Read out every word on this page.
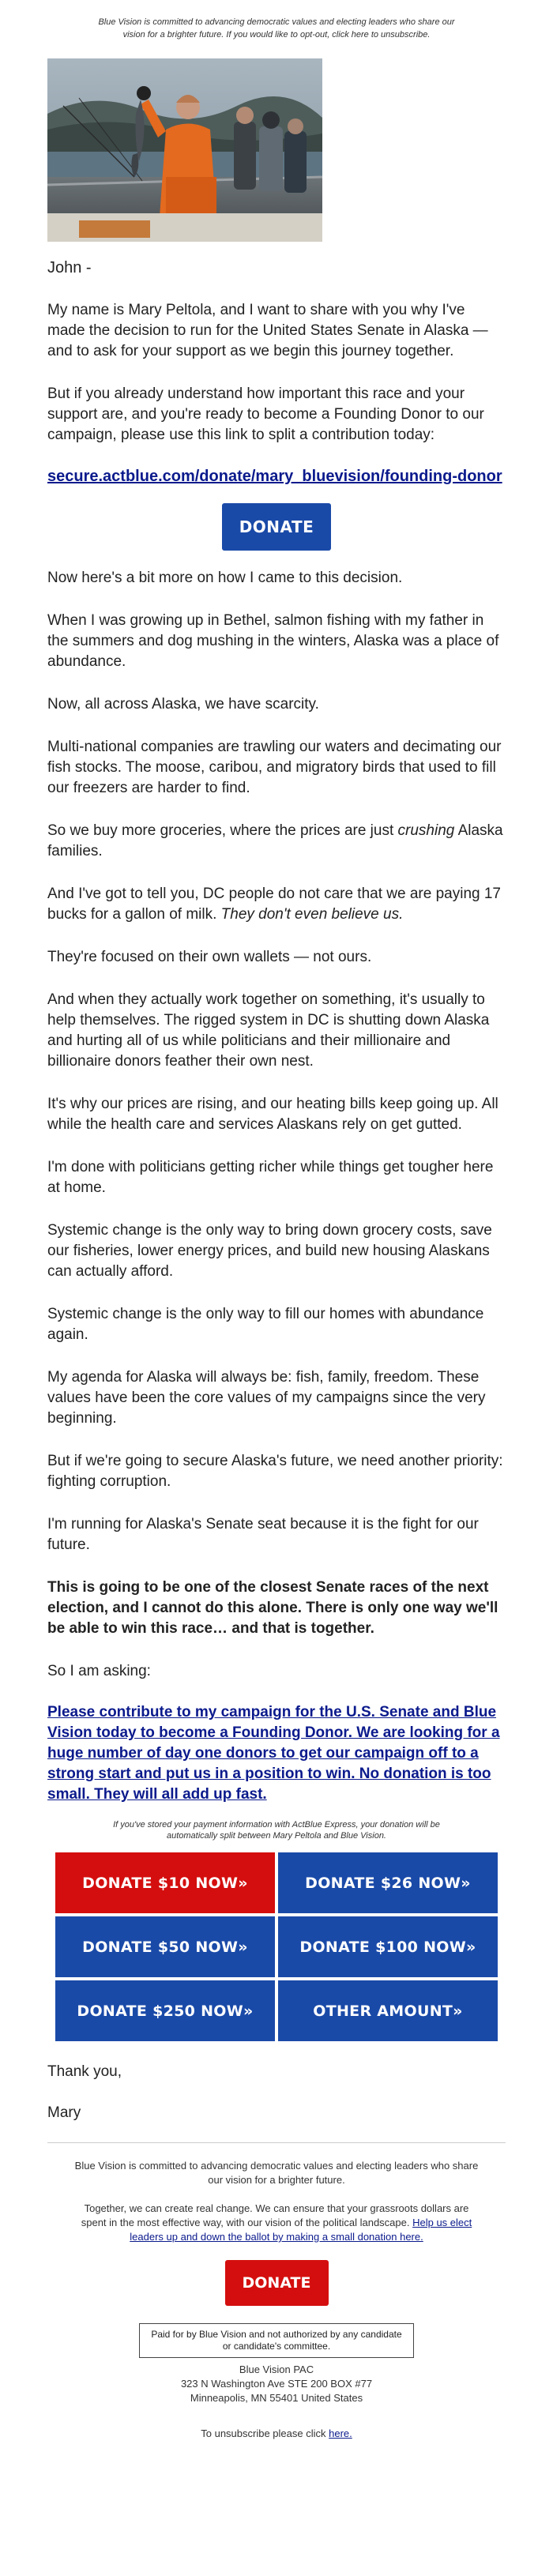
Blue Vision is committed to advancing democratic values and electing leaders who share our vision for a brighter future. If you would like to opt-out, click here to unsubscribe.

John -

My name is Mary Peltola, and I want to share with you why I've made the decision to run for the United States Senate in Alaska — and to ask for your support as we begin this journey together.

But if you already understand how important this race and your support are, and you're ready to become a Founding Donor to our campaign, please use this link to split a contribution today:

secure.actblue.com/donate/mary_bluevision/founding-donor
DONATE

Now here's a bit more on how I came to this decision.

When I was growing up in Bethel, salmon fishing with my father in the summers and dog mushing in the winters, Alaska was a place of abundance.

Now, all across Alaska, we have scarcity.

Multi-national companies are trawling our waters and decimating our fish stocks. The moose, caribou, and migratory birds that used to fill our freezers are harder to find.

So we buy more groceries, where the prices are just crushing Alaska families.

And I've got to tell you, DC people do not care that we are paying 17 bucks for a gallon of milk. They don't even believe us.

They're focused on their own wallets — not ours.

And when they actually work together on something, it's usually to help themselves. The rigged system in DC is shutting down Alaska and hurting all of us while politicians and their millionaire and billionaire donors feather their own nest.

It's why our prices are rising, and our heating bills keep going up. All while the health care and services Alaskans rely on get gutted.

I'm done with politicians getting richer while things get tougher here at home.

Systemic change is the only way to bring down grocery costs, save our fisheries, lower energy prices, and build new housing Alaskans can actually afford.

Systemic change is the only way to fill our homes with abundance again.

My agenda for Alaska will always be: fish, family, freedom. These values have been the core values of my campaigns since the very beginning.

But if we're going to secure Alaska's future, we need another priority: fighting corruption.

I'm running for Alaska's Senate seat because it is the fight for our future.

This is going to be one of the closest Senate races of the next election, and I cannot do this alone. There is only one way we'll be able to win this race… and that is together.

So I am asking:

Please contribute to my campaign for the U.S. Senate and Blue Vision today to become a Founding Donor. We are looking for a huge number of day one donors to get our campaign off to a strong start and put us in a position to win. No donation is too small. They will all add up fast.

If you've stored your payment information with ActBlue Express, your donation will be automatically split between Mary Peltola and Blue Vision.

DONATE $10 NOW»	DONATE $26 NOW»
DONATE $50 NOW»	DONATE $100 NOW»
DONATE $250 NOW»	OTHER AMOUNT»

Thank you,

Mary

Blue Vision is committed to advancing democratic values and electing leaders who share our vision for a brighter future.

Together, we can create real change. We can ensure that your grassroots dollars are spent in the most effective way, with our vision of the political landscape. Help us elect leaders up and down the ballot by making a small donation here.

DONATE
Paid for by Blue Vision and not authorized by any candidate or candidate's committee.
Blue Vision PAC
323 N Washington Ave STE 200 BOX #77
Minneapolis, MN 55401 United States

To unsubscribe please click here.
